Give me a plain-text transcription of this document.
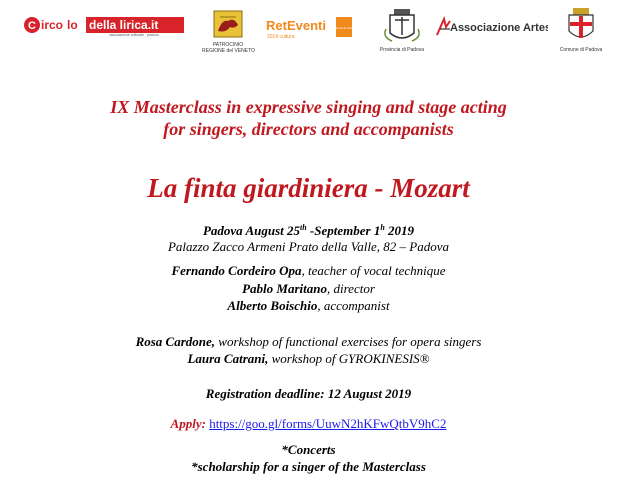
C irco lo della lirica.it
associazione culturale · padova
PATROCINIO
REGIONE del VENETO
RetEventi
2019 cultura
Provincia di Vicenza
Provincia di Padova
Associazione Artes
Comune di Padova
IX Masterclass in expressive singing and stage acting
for singers, directors and accompanists
La finta giardiniera - Mozart
Padova August 25th -September 1$^h$ 2019
Palazzo Zacco Armeni Prato della Valle, 82 – Padova
Fernando Cordeiro Opa, teacher of vocal technique
Pablo Maritano, director
Alberto Boischio, accompanist
Rosa Cardone, workshop of functional exercises for opera singers
Laura Catrani, workshop of GYROKINESIS®
Registration deadline: 12 August 2019
Apply: https://goo.gl/forms/UuwN2hKFwQtbV9hC2
*Concerts
*scholarship for a singer of the Masterclass
